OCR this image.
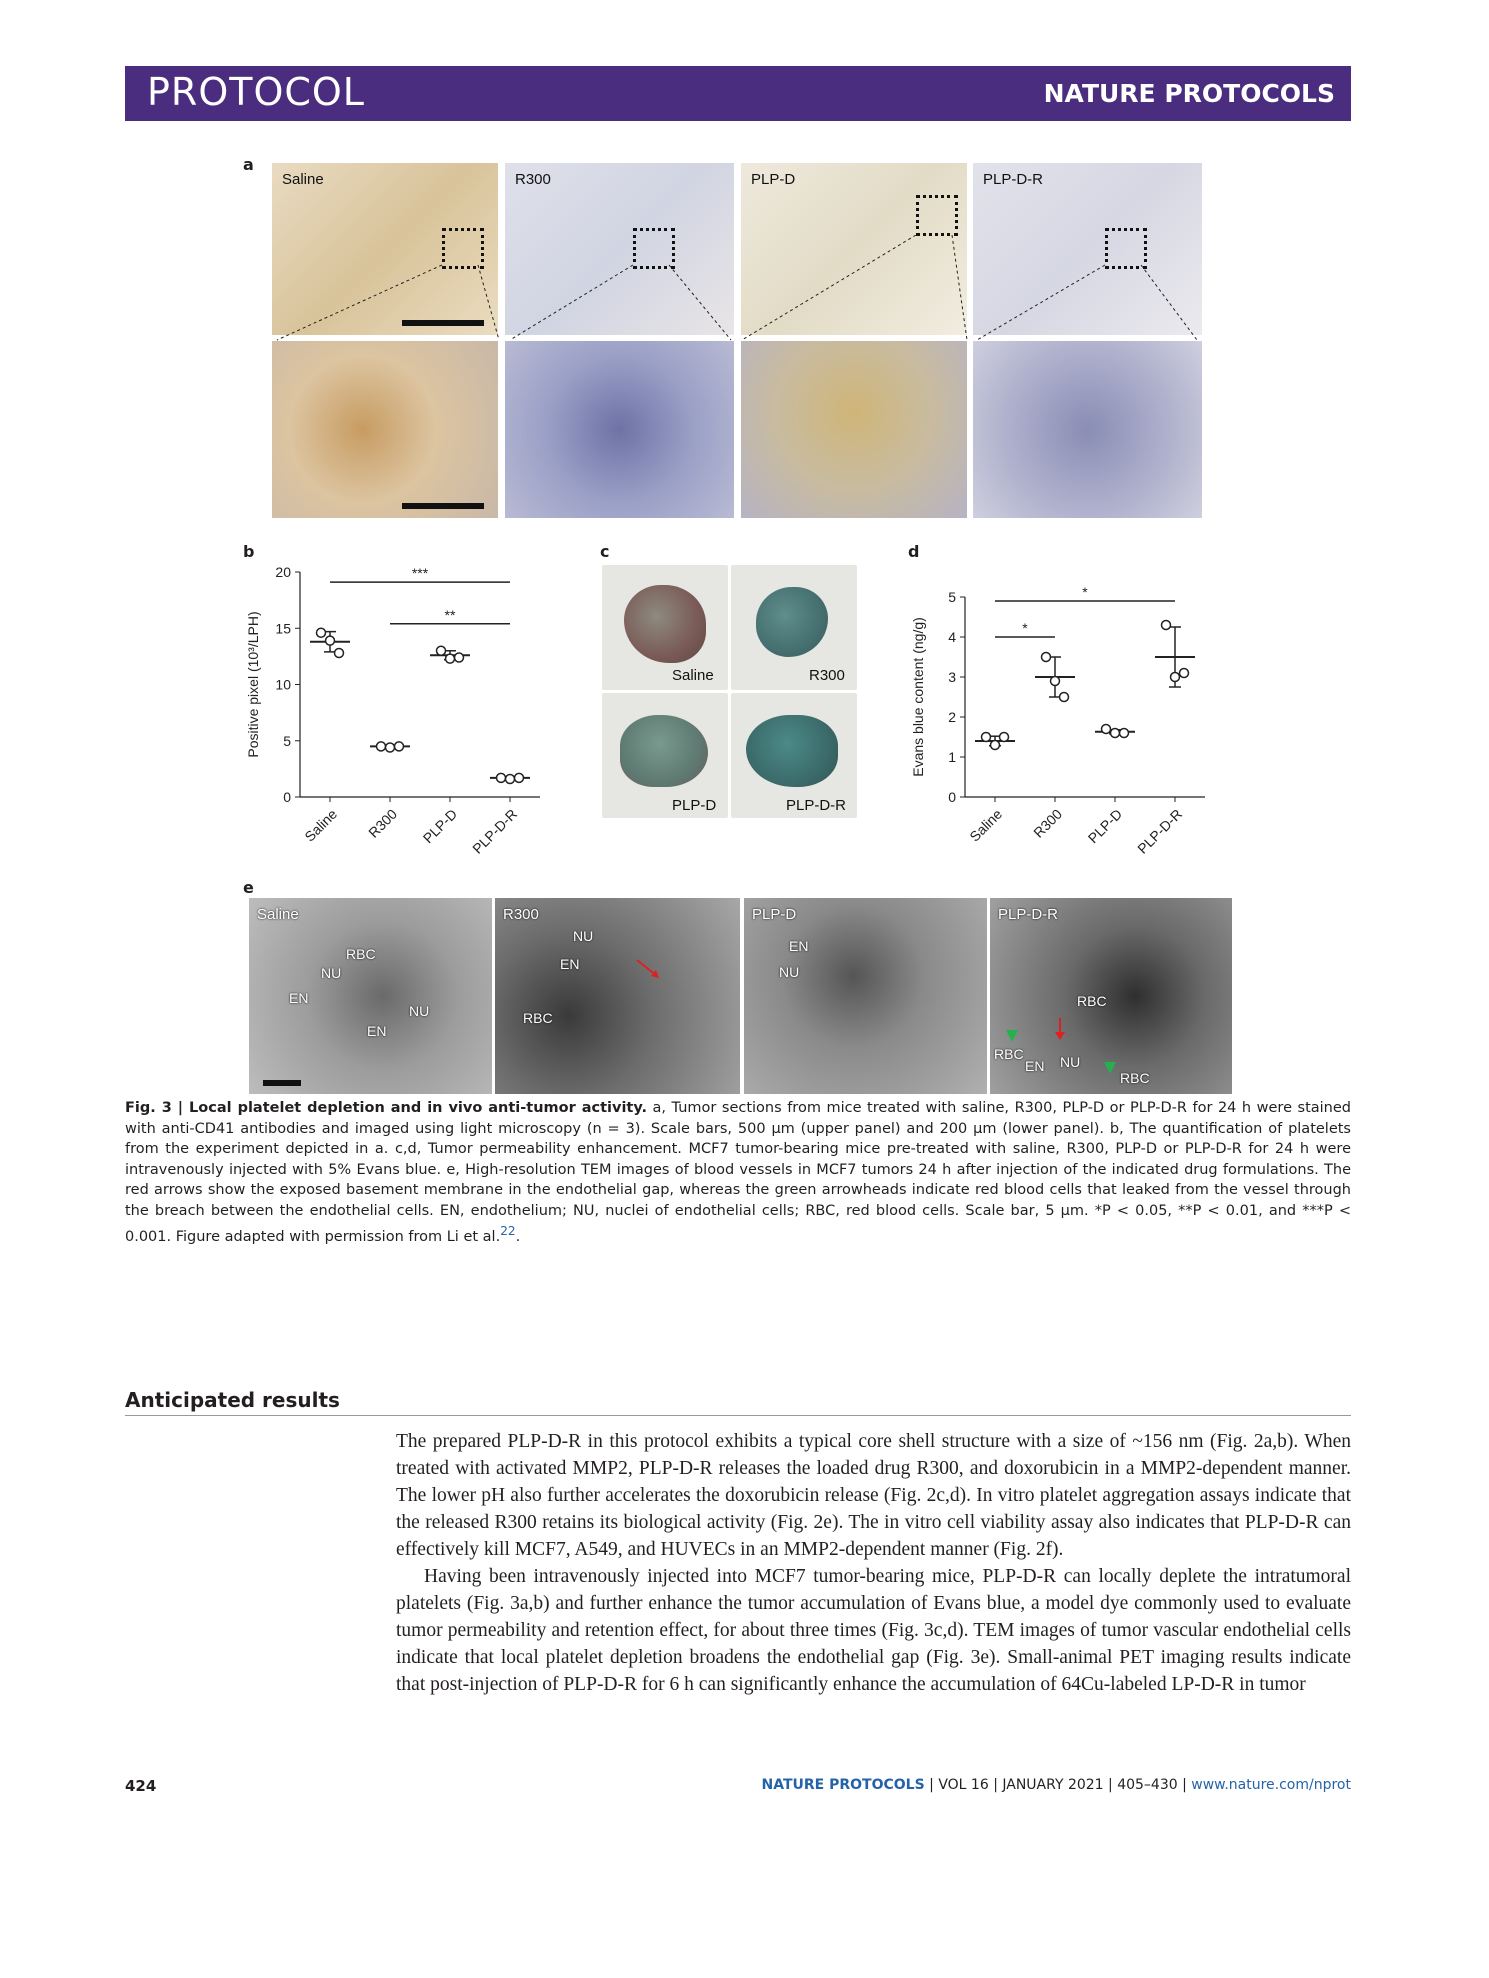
PROTOCOL	NATURE PROTOCOLS
a
Saline	R300	PLP-D	PLP-D-R
b
0
5
10
15
20
Positive pixel (10³/LPH)
Saline R300 PLP-D PLP-D-R
***
**
c
Saline	R300
PLP-D	PLP-D-R
d
0
1
2
3
4
5
Evans blue content (ng/g)
Saline R300 PLP-D PLP-D-R
*
*
e
Saline
RBC
NU
EN
NU
EN
R300
NU
EN
RBC
PLP-D
EN
NU
PLP-D-R
RBC
RBC
EN NU
RBC
Fig. 3 | Local platelet depletion and in vivo anti-tumor activity. a, Tumor sections from mice treated with saline, R300, PLP-D or PLP-D-R for 24 h were stained with anti-CD41 antibodies and imaged using light microscopy (n = 3). Scale bars, 500 μm (upper panel) and 200 μm (lower panel). b, The quantification of platelets from the experiment depicted in a. c,d, Tumor permeability enhancement. MCF7 tumor-bearing mice pre-treated with saline, R300, PLP-D or PLP-D-R for 24 h were intravenously injected with 5% Evans blue. e, High-resolution TEM images of blood vessels in MCF7 tumors 24 h after injection of the indicated drug formulations. The red arrows show the exposed basement membrane in the endothelial gap, whereas the green arrowheads indicate red blood cells that leaked from the vessel through the breach between the endothelial cells. EN, endothelium; NU, nuclei of endothelial cells; RBC, red blood cells. Scale bar, 5 μm. *P < 0.05, **P < 0.01, and ***P < 0.001. Figure adapted with permission from Li et al.$^{22}$.
Anticipated results

The prepared PLP-D-R in this protocol exhibits a typical core shell structure with a size of ~156 nm (Fig. 2a,b). When treated with activated MMP2, PLP-D-R releases the loaded drug R300, and doxorubicin in a MMP2-dependent manner. The lower pH also further accelerates the doxorubicin release (Fig. 2c,d). In vitro platelet aggregation assays indicate that the released R300 retains its biological activity (Fig. 2e). The in vitro cell viability assay also indicates that PLP-D-R can effectively kill MCF7, A549, and HUVECs in an MMP2-dependent manner (Fig. 2f).

Having been intravenously injected into MCF7 tumor-bearing mice, PLP-D-R can locally deplete the intratumoral platelets (Fig. 3a,b) and further enhance the tumor accumulation of Evans blue, a model dye commonly used to evaluate tumor permeability and retention effect, for about three times (Fig. 3c,d). TEM images of tumor vascular endothelial cells indicate that local platelet depletion broadens the endothelial gap (Fig. 3e). Small-animal PET imaging results indicate that post-injection of PLP-D-R for 6 h can significantly enhance the accumulation of 64Cu-labeled LP-D-R in tumor

424	NATURE PROTOCOLS | VOL 16 | JANUARY 2021 | 405–430 | www.nature.com/nprot
